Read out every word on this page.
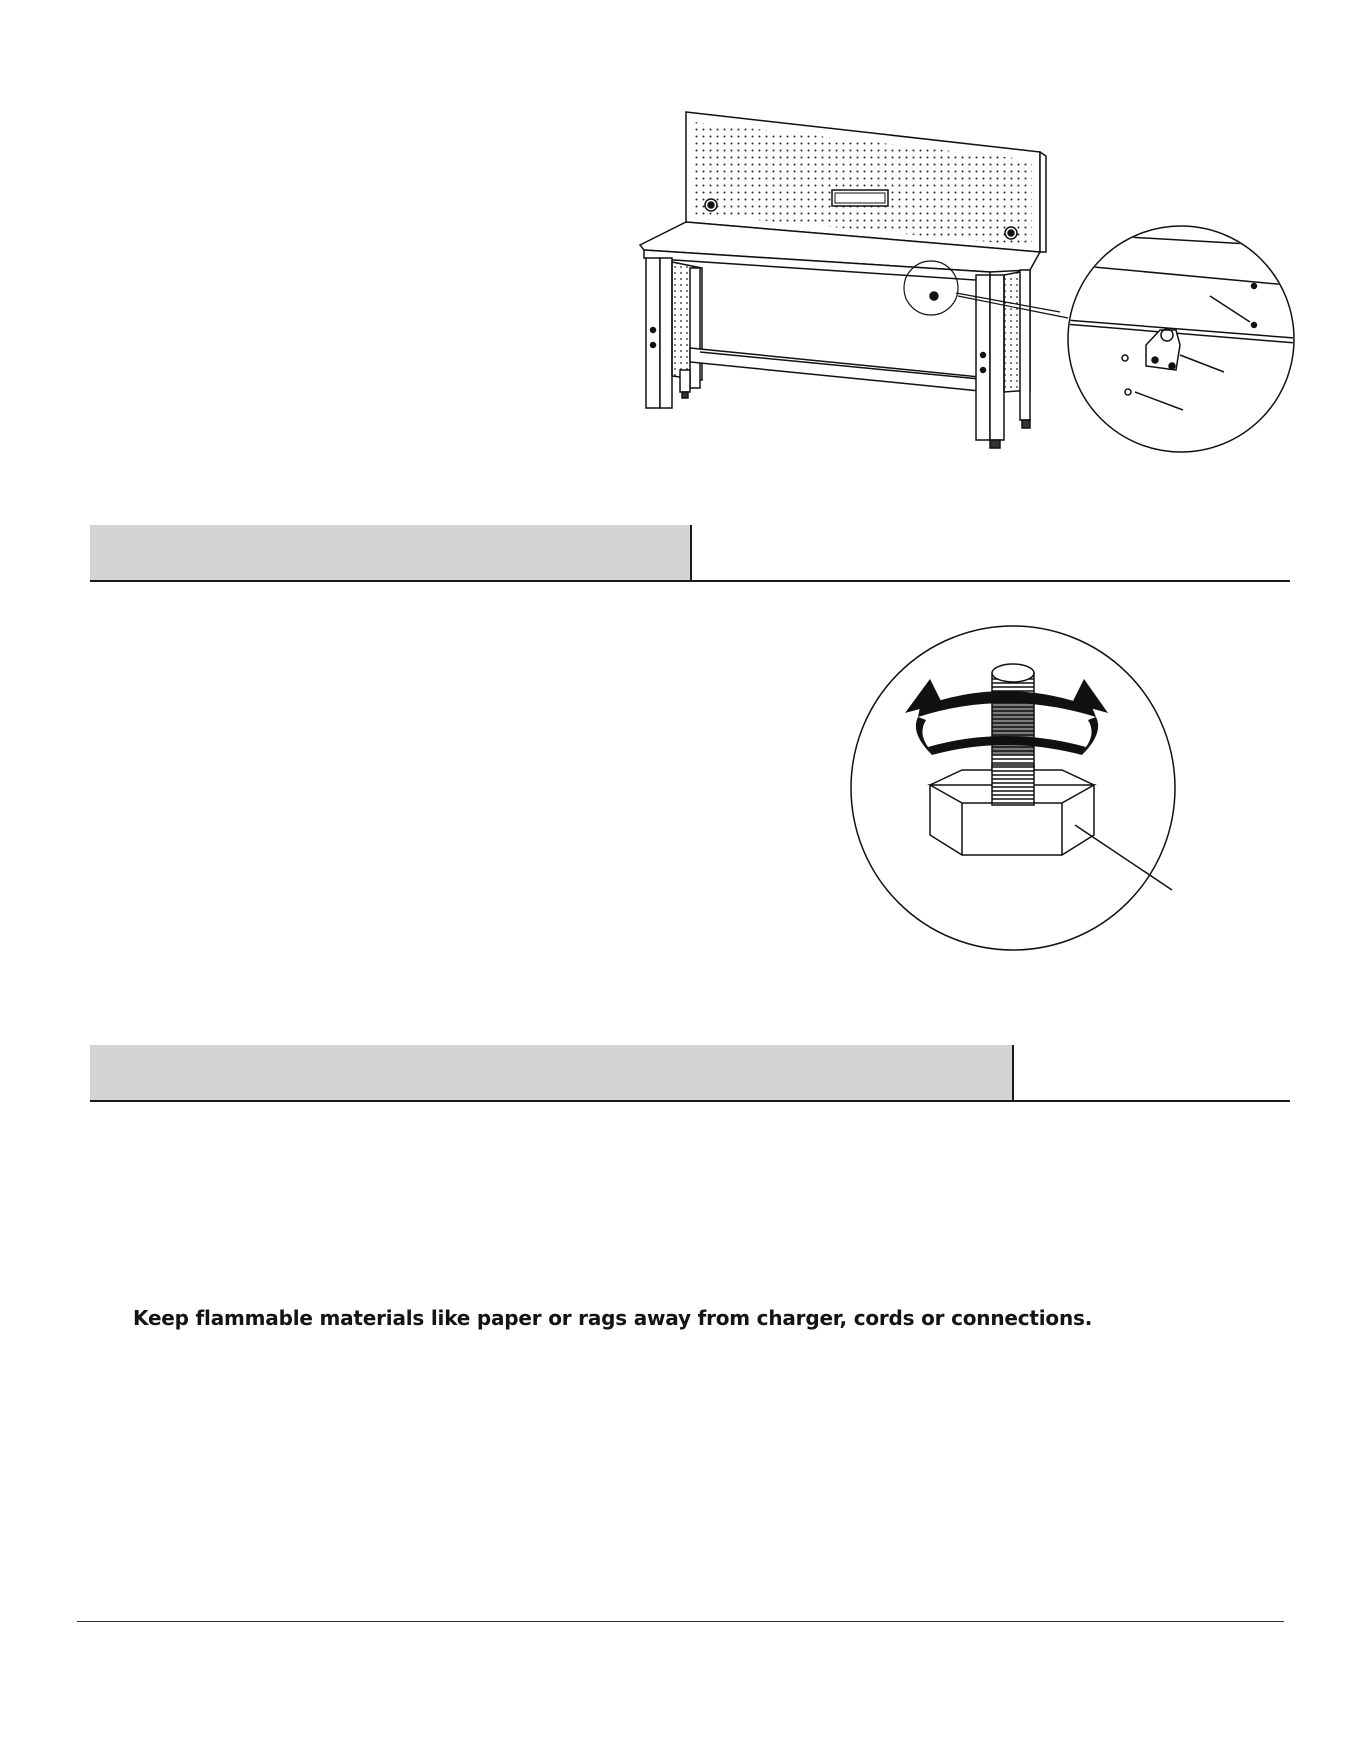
Keep flammable materials like paper or rags away from charger, cords or connections.
